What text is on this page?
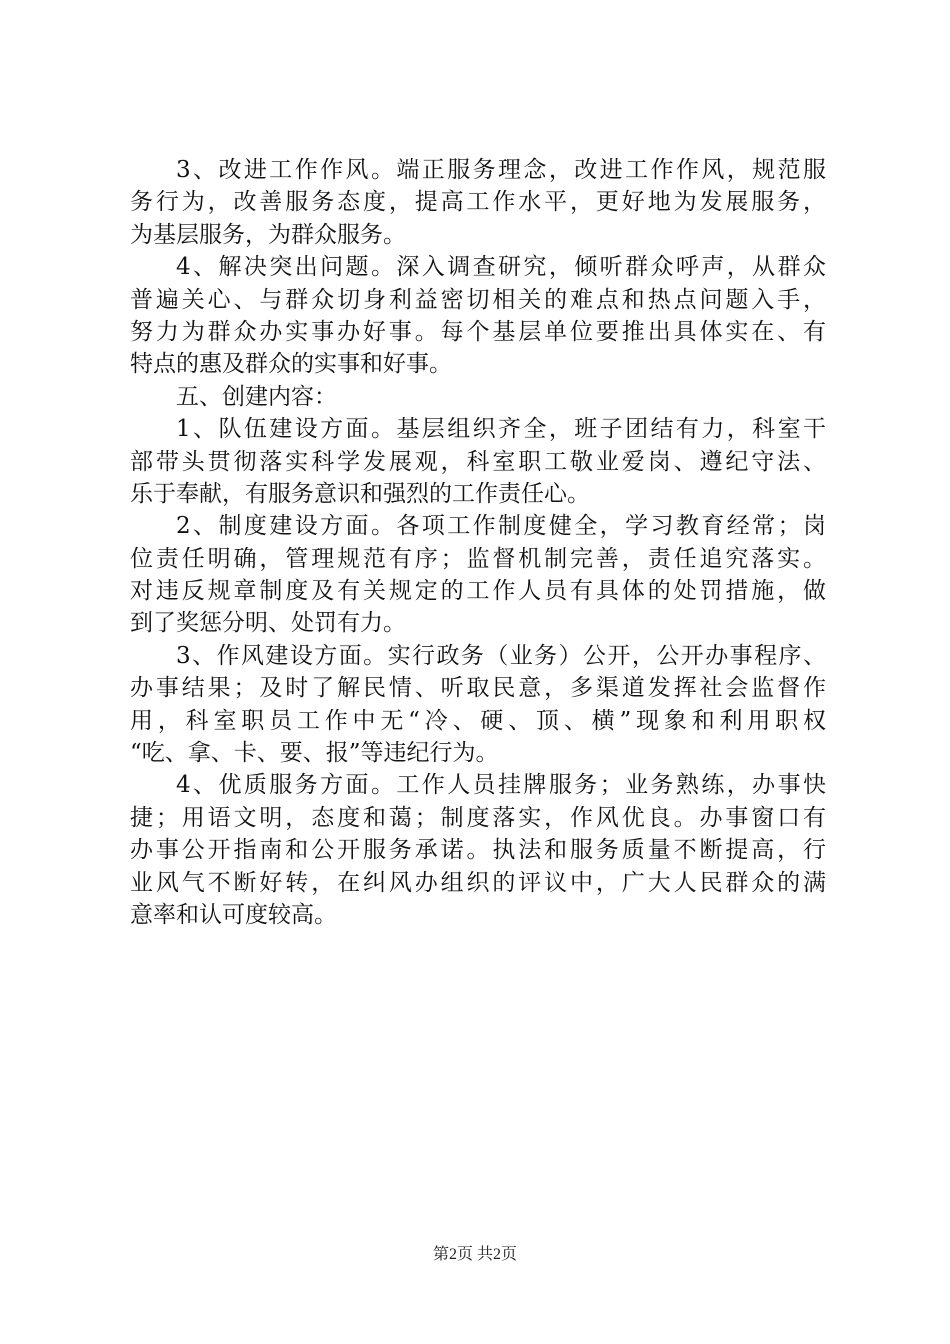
3、改进工作作风。端正服务理念，改进工作作风，规范服
务行为，改善服务态度，提高工作水平，更好地为发展服务，
为基层服务，为群众服务。
4、解决突出问题。深入调查研究，倾听群众呼声，从群众
普遍关心、与群众切身利益密切相关的难点和热点问题入手，
努力为群众办实事办好事。每个基层单位要推出具体实在、有
特点的惠及群众的实事和好事。
五、创建内容：
1、队伍建设方面。基层组织齐全，班子团结有力，科室干
部带头贯彻落实科学发展观，科室职工敬业爱岗、遵纪守法、
乐于奉献，有服务意识和强烈的工作责任心。
2、制度建设方面。各项工作制度健全，学习教育经常；岗
位责任明确，管理规范有序；监督机制完善，责任追究落实。
对违反规章制度及有关规定的工作人员有具体的处罚措施，做
到了奖惩分明、处罚有力。
3、作风建设方面。实行政务（业务）公开，公开办事程序、
办事结果；及时了解民情、听取民意，多渠道发挥社会监督作
用，科室职员工作中无“冷、硬、顶、横”现象和利用职权
“吃、拿、卡、要、报”等违纪行为。
4、优质服务方面。工作人员挂牌服务；业务熟练，办事快
捷；用语文明，态度和蔼；制度落实，作风优良。办事窗口有
办事公开指南和公开服务承诺。执法和服务质量不断提高，行
业风气不断好转，在纠风办组织的评议中，广大人民群众的满
意率和认可度较高。
第2页 共2页
